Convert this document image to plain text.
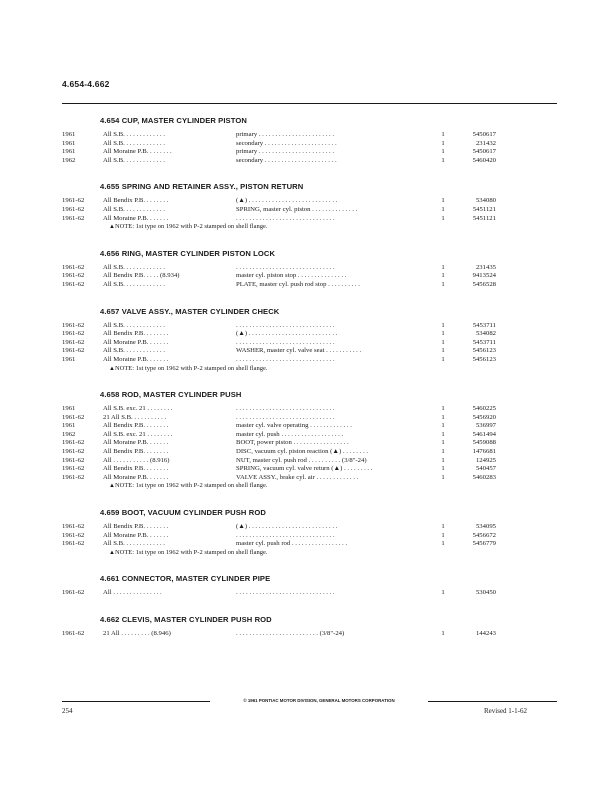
4.654-4.662
4.654 CUP, MASTER CYLINDER PISTON
1961	All S.B. . . . . . . . . . . . .	primary . . . . . . . . . . . . . . . . . . . . . . .	1	5450617
1961	All S.B. . . . . . . . . . . . .	secondary . . . . . . . . . . . . . . . . . . . . . .	1	231432
1961	All Moraine P.B. . . . . . . .	primary . . . . . . . . . . . . . . . . . . . . . . .	1	5450617
1962	All S.B. . . . . . . . . . . . .	secondary . . . . . . . . . . . . . . . . . . . . . .	1	5460420
4.655 SPRING AND RETAINER ASSY., PISTON RETURN
1961-62	All Bendix P.B. . . . . . . .	(▲) . . . . . . . . . . . . . . . . . . . . . . . . . . .	1	534080
1961-62	All S.B. . . . . . . . . . . . .	SPRING, master cyl. piston . . . . . . . . . . . . . .	1	5451121
1961-62	All Moraine P.B. . . . . . .	. . . . . . . . . . . . . . . . . . . . . . . . . . . . . .	1	5451121
▲NOTE: 1st type on 1962 with P-2 stamped on shell flange.
4.656 RING, MASTER CYLINDER PISTON LOCK
1961-62	All S.B. . . . . . . . . . . . .	. . . . . . . . . . . . . . . . . . . . . . . . . . . . . .	1	231435
1961-62	All Bendix P.B. . . . . (8.934)	master cyl. piston stop . . . . . . . . . . . . . . .	1	9413524
1961-62	All S.B. . . . . . . . . . . . .	PLATE, master cyl. push rod stop . . . . . . . . . .	1	5456528
4.657 VALVE ASSY., MASTER CYLINDER CHECK
1961-62	All S.B. . . . . . . . . . . . .	. . . . . . . . . . . . . . . . . . . . . . . . . . . . . .	1	5453711
1961-62	All Bendix P.B. . . . . . . .	(▲) . . . . . . . . . . . . . . . . . . . . . . . . . . .	1	534082
1961-62	All Moraine P.B. . . . . . .	. . . . . . . . . . . . . . . . . . . . . . . . . . . . . .	1	5453711
1961-62	All S.B. . . . . . . . . . . . .	WASHER, master cyl. valve seat . . . . . . . . . . .	1	5456123
1961	All Moraine P.B. . . . . . .	. . . . . . . . . . . . . . . . . . . . . . . . . . . . . .	1	5456123
▲NOTE: 1st type on 1962 with P-2 stamped on shell flange.
4.658 ROD, MASTER CYLINDER PUSH
1961	All S.B. exc. 21 . . . . . . . .	. . . . . . . . . . . . . . . . . . . . . . . . . . . . . .	1	5460225
1961-62	21 All S.B. . . . . . . . . . .	. . . . . . . . . . . . . . . . . . . . . . . . . . . . . .	1	5456920
1961	All Bendix P.B. . . . . . . .	master cyl. valve operating . . . . . . . . . . . . .	1	536997
1962	All S.B. exc. 21 . . . . . . . .	master cyl. push . . . . . . . . . . . . . . . . . . .	1	5461494
1961-62	All Moraine P.B. . . . . . .	BOOT, power piston . . . . . . . . . . . . . . . . .	1	5459088
1961-62	All Bendix P.B. . . . . . . .	DISC, vacuum cyl. piston reaction (▲) . . . . . . . .	1	1476681
1961-62	All . . . . . . . . . . . (8.916)	NUT, master cyl. push rod . . . . . . . . . . (3/8"-24)	1	124925
1961-62	All Bendix P.B. . . . . . . .	SPRING, vacuum cyl. valve return (▲) . . . . . . . . .	1	540457
1961-62	All Moraine P.B. . . . . . .	VALVE ASSY., brake cyl. air . . . . . . . . . . . . .	1	5460283
▲NOTE: 1st type on 1962 with P-2 stamped on shell flange.
4.659 BOOT, VACUUM CYLINDER PUSH ROD
1961-62	All Bendix P.B. . . . . . . .	(▲) . . . . . . . . . . . . . . . . . . . . . . . . . . .	1	534095
1961-62	All Moraine P.B. . . . . . .	. . . . . . . . . . . . . . . . . . . . . . . . . . . . . .	1	5456672
1961-62	All S.B. . . . . . . . . . . . .	master cyl. push rod . . . . . . . . . . . . . . . . .	1	5456779
▲NOTE: 1st type on 1962 with P-2 stamped on shell flange.
4.661 CONNECTOR, MASTER CYLINDER PIPE
1961-62	All . . . . . . . . . . . . . . .	. . . . . . . . . . . . . . . . . . . . . . . . . . . . . .	1	530450
4.662 CLEVIS, MASTER CYLINDER PUSH ROD
1961-62	21 All . . . . . . . . . (8.946)	. . . . . . . . . . . . . . . . . . . . . . . . . (3/8"-24)	1	144243
© 1961 PONTIAC MOTOR DIVISION, GENERAL MOTORS CORPORATION
254	Revised 1-1-62
